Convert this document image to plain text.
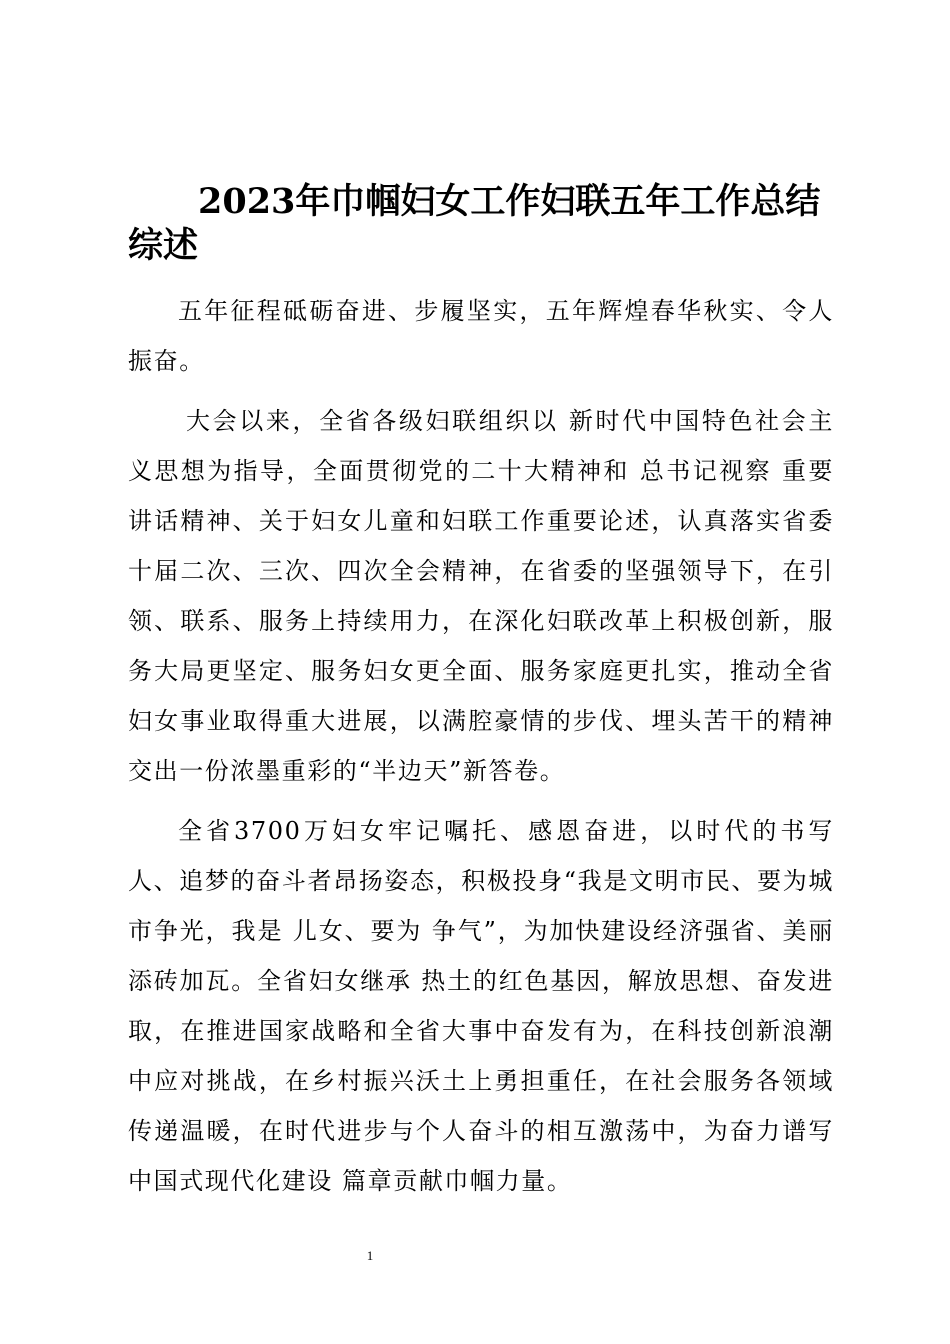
2023年巾帼妇女工作妇联五年工作总结
综述

五年征程砥砺奋进、步履坚实，五年辉煌春华秋实、令人振奋。

大会以来，全省各级妇联组织以 新时代中国特色社会主义思想为指导，全面贯彻党的二十大精神和 总书记视察 重要讲话精神、关于妇女儿童和妇联工作重要论述，认真落实省委十届二次、三次、四次全会精神，在省委的坚强领导下，在引领、联系、服务上持续用力，在深化妇联改革上积极创新，服务大局更坚定、服务妇女更全面、服务家庭更扎实，推动全省妇女事业取得重大进展，以满腔豪情的步伐、埋头苦干的精神交出一份浓墨重彩的“半边天”新答卷。

全省3700万妇女牢记嘱托、感恩奋进，以时代的书写人、追梦的奋斗者昂扬姿态，积极投身“我是文明市民、要为城市争光，我是 儿女、要为 争气”，为加快建设经济强省、美丽添砖加瓦。全省妇女继承 热土的红色基因，解放思想、奋发进取，在推进国家战略和全省大事中奋发有为，在科技创新浪潮中应对挑战，在乡村振兴沃土上勇担重任，在社会服务各领域传递温暖，在时代进步与个人奋斗的相互激荡中，为奋力谱写中国式现代化建设 篇章贡献巾帼力量。

1
